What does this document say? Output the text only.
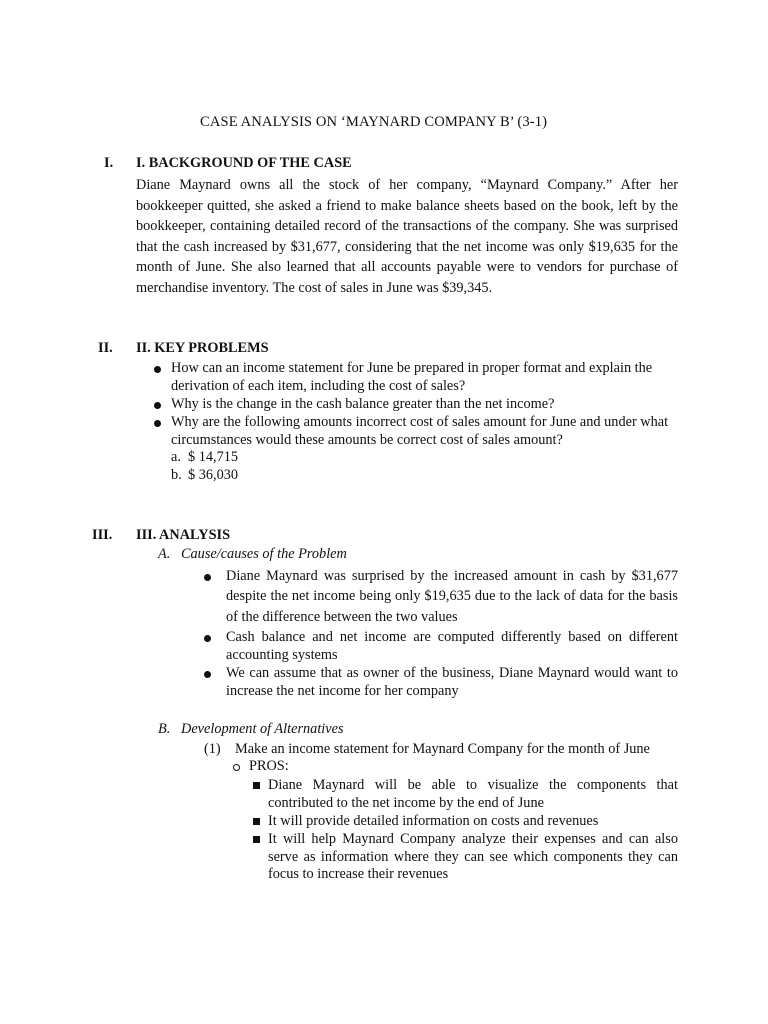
CASE ANALYSIS ON ‘MAYNARD COMPANY B’ (3-1)
I. I. BACKGROUND OF THE CASE
Diane Maynard owns all the stock of her company, “Maynard Company.” After her bookkeeper quitted, she asked a friend to make balance sheets based on the book, left by the bookkeeper, containing detailed record of the transactions of the company. She was surprised that the cash increased by $31,677, considering that the net income was only $19,635 for the month of June. She also learned that all accounts payable were to vendors for purchase of merchandise inventory. The cost of sales in June was $39,345.
II. II. KEY PROBLEMS
How can an income statement for June be prepared in proper format and explain the derivation of each item, including the cost of sales?
Why is the change in the cash balance greater than the net income?
Why are the following amounts incorrect cost of sales amount for June and under what circumstances would these amounts be correct cost of sales amount?
a. $ 14,715
b. $ 36,030
III. III. ANALYSIS
A. Cause/causes of the Problem
Diane Maynard was surprised by the increased amount in cash by $31,677 despite the net income being only $19,635 due to the lack of data for the basis of the difference between the two values
Cash balance and net income are computed differently based on different accounting systems
We can assume that as owner of the business, Diane Maynard would want to increase the net income for her company
B. Development of Alternatives
(1) Make an income statement for Maynard Company for the month of June
PROS:
Diane Maynard will be able to visualize the components that contributed to the net income by the end of June
It will provide detailed information on costs and revenues
It will help Maynard Company analyze their expenses and can also serve as information where they can see which components they can focus to increase their revenues
